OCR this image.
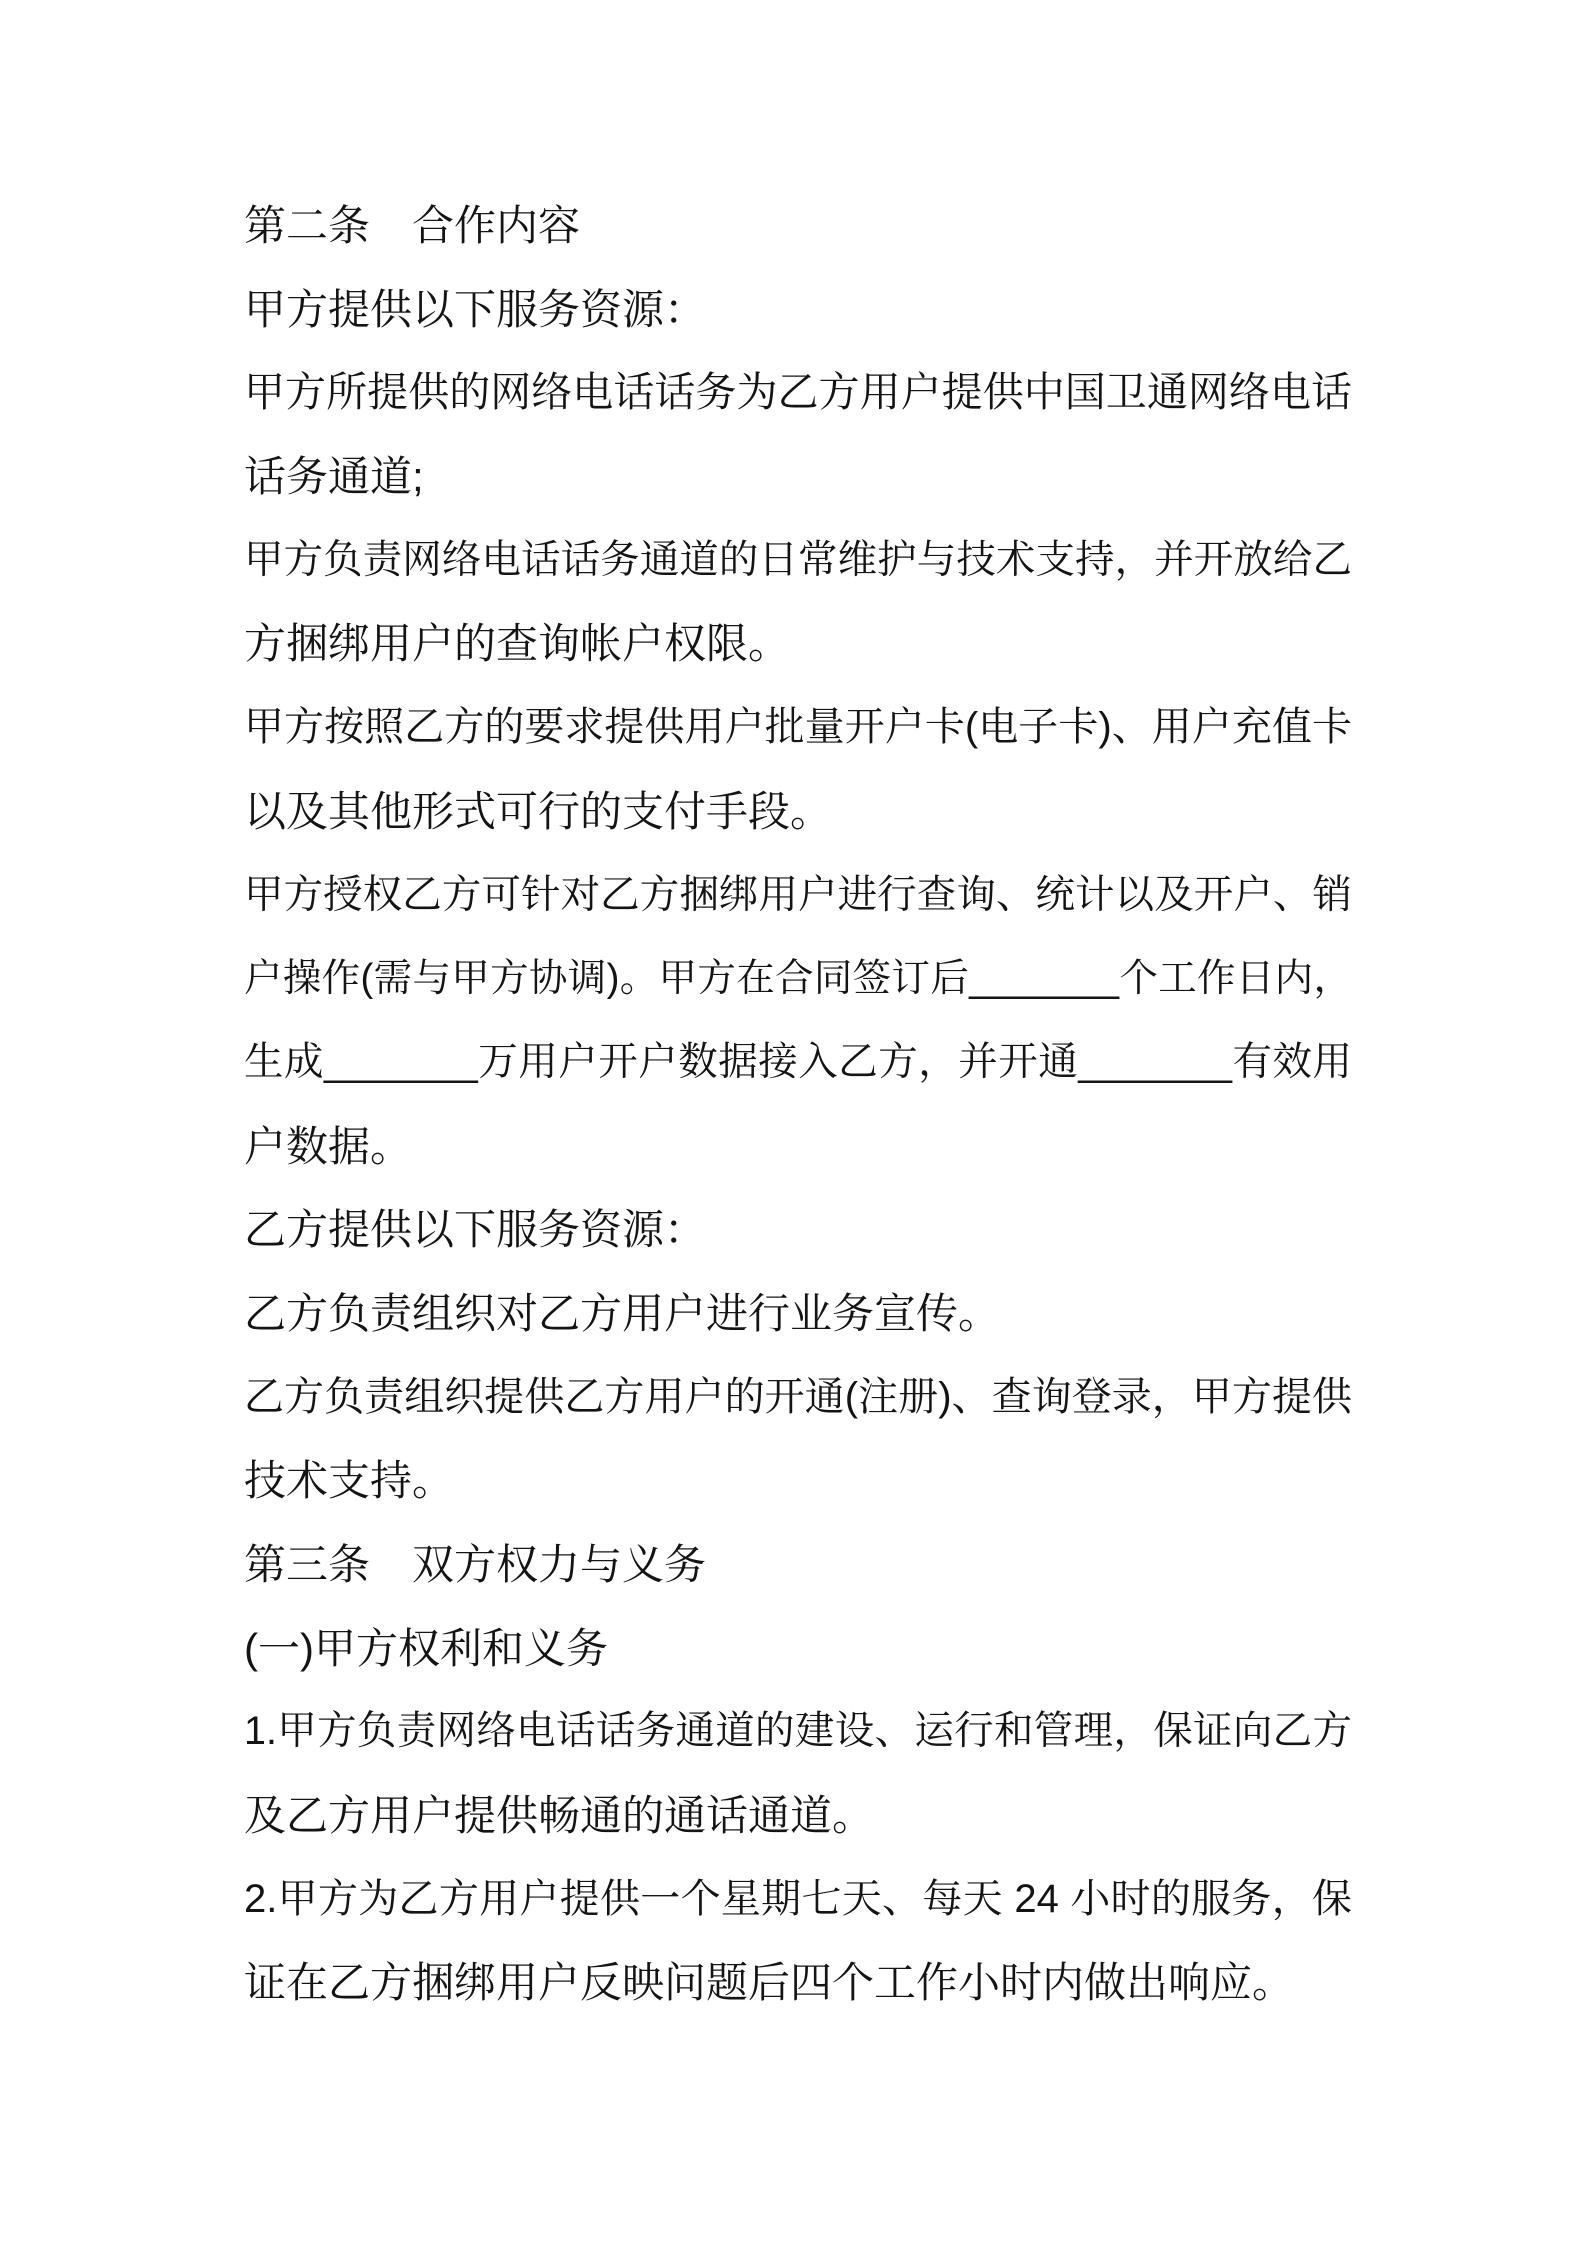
第二条　合作内容
甲方提供以下服务资源：
甲方所提供的网络电话话务为乙方用户提供中国卫通网络电话
话务通道;
甲方负责网络电话话务通道的日常维护与技术支持，并开放给乙
方捆绑用户的查询帐户权限。
甲方按照乙方的要求提供用户批量开户卡(电子卡)、用户充值卡
以及其他形式可行的支付手段。
甲方授权乙方可针对乙方捆绑用户进行查询、统计以及开户、销
户操作(需与甲方协调)。甲方在合同签订后_______个工作日内，
生成_______万用户开户数据接入乙方，并开通_______有效用
户数据。
乙方提供以下服务资源：
乙方负责组织对乙方用户进行业务宣传。
乙方负责组织提供乙方用户的开通(注册)、查询登录，甲方提供
技术支持。
第三条　双方权力与义务
(一)甲方权利和义务
1.甲方负责网络电话话务通道的建设、运行和管理，保证向乙方
及乙方用户提供畅通的通话通道。
2.甲方为乙方用户提供一个星期七天、每天 24 小时的服务，保
证在乙方捆绑用户反映问题后四个工作小时内做出响应。
